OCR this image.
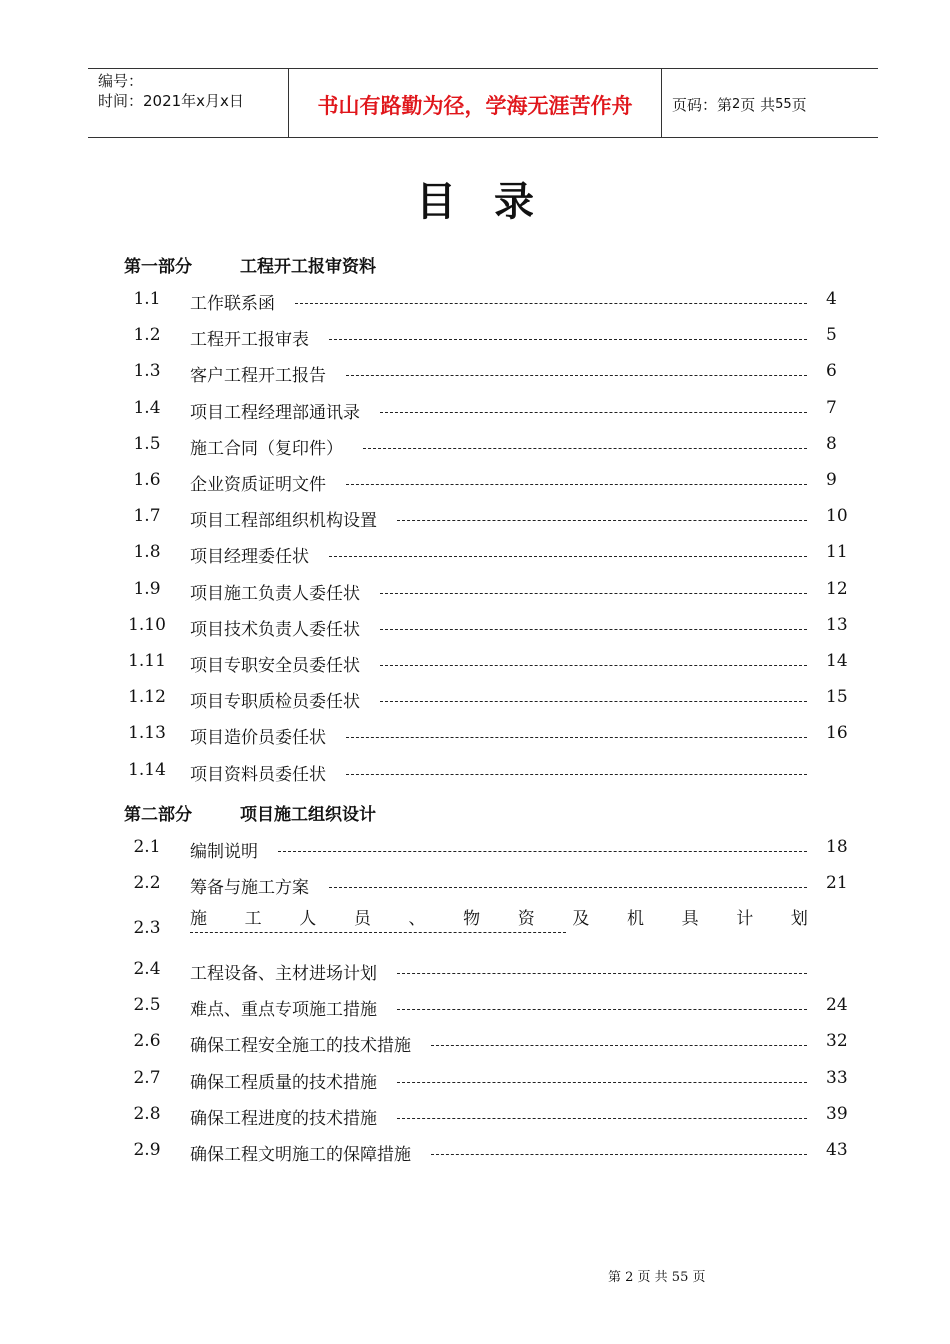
编号：
时间：2021年x月x日	书山有路勤为径，学海无涯苦作舟	页码：第 2 页 共 55 页
目录
第一部分	工程开工报审资料
1.1	工作联系函	4
1.2	工程开工报审表	5
1.3	客户工程开工报告	6
1.4	项目工程经理部通讯录	7
1.5	施工合同（复印件）	8
1.6	企业资质证明文件	9
1.7	项目工程部组织机构设置	10
1.8	项目经理委任状	11
1.9	项目施工负责人委任状	12
1.10	项目技术负责人委任状	13
1.11	项目专职安全员委任状	14
1.12	项目专职质检员委任状	15
1.13	项目造价员委任状	16
1.14	项目资料员委任状
第二部分	项目施工组织设计
2.1	编制说明	18
2.2	筹备与施工方案	21
2.3	施 工 人 员 、 物 资 及 机 具 计 划
2.4	工程设备、主材进场计划
2.5	难点、重点专项施工措施	24
2.6	确保工程安全施工的技术措施	32
2.7	确保工程质量的技术措施	33
2.8	确保工程进度的技术措施	39
2.9	确保工程文明施工的保障措施	43
第 2 页 共 55 页
